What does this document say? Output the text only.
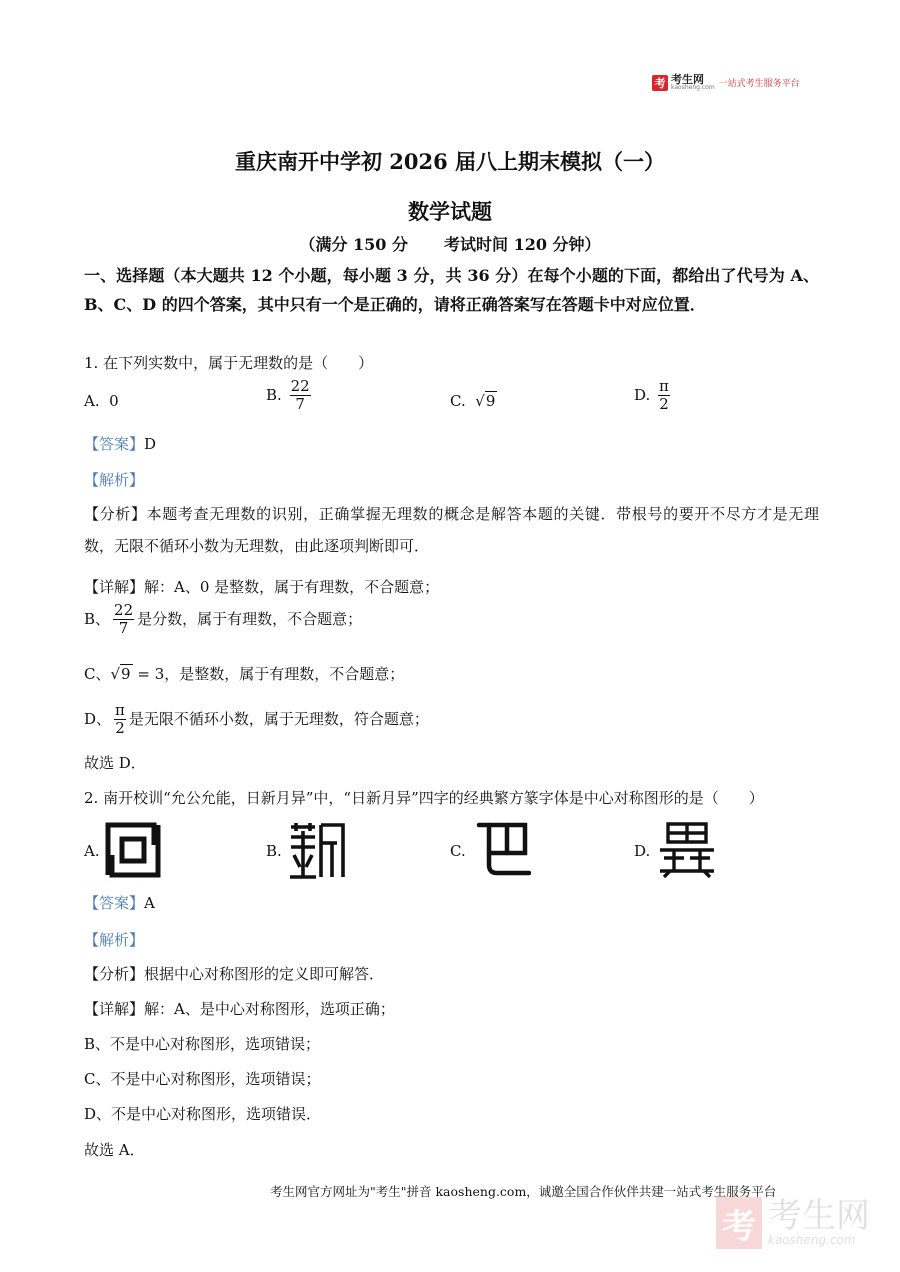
考 考生网
kaosheng.com 一站式考生服务平台
重庆南开中学初 2026 届八上期末模拟（一）
数学试题
（满分 150 分 考试时间 120 分钟）
一、选择题（本大题共 12 个小题，每小题 3 分，共 36 分）在每个小题的下面，都给出了代号为 A、B、C、D 的四个答案，其中只有一个是正确的，请将正确答案写在答题卡中对应位置．
1. 在下列实数中，属于无理数的是（　　）
A. 0	B. $\frac{22}{7}$	C. √9	D. $\frac{\pi}{2}$
【答案】D
【解析】
【分析】本题考查无理数的识别，正确掌握无理数的概念是解答本题的关键．带根号的要开不尽方才是无理数，无限不循环小数为无理数，由此逐项判断即可．
【详解】解：A、0 是整数，属于有理数，不合题意；
B、 $\frac{22}{7}$ 是分数，属于有理数，不合题意；
C、√9 = 3，是整数，属于有理数，不合题意；
D、 $\frac{\pi}{2}$ 是无限不循环小数，属于无理数，符合题意；
故选 D．
2. 南开校训“允公允能，日新月异”中，“日新月异”四字的经典繁方篆字体是中心对称图形的是（　　）
A.	B.	C.	D.
【答案】A
【解析】
【分析】根据中心对称图形的定义即可解答．
【详解】解：A、是中心对称图形，选项正确；
B、不是中心对称图形，选项错误；
C、不是中心对称图形，选项错误；
D、不是中心对称图形，选项错误．
故选 A．
考生网官方网址为"考生"拼音 kaosheng.com，诚邀全国合作伙伴共建一站式考生服务平台
考 考生网
kaosheng.com
